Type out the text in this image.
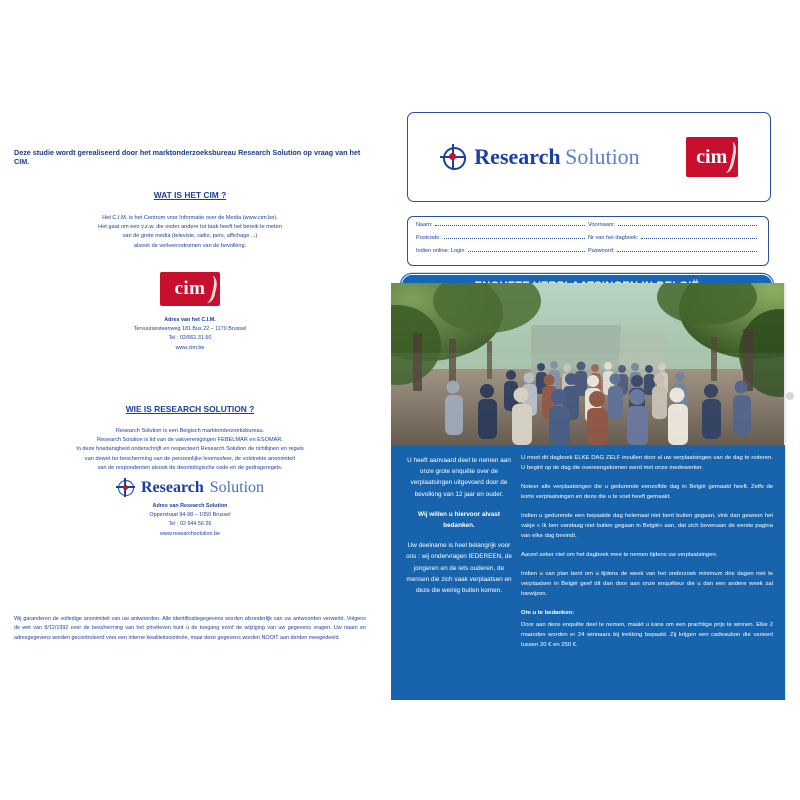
Deze studie wordt gerealiseerd door het marktonderzoeksbureau Research Solution op vraag van het CIM.
WAT IS HET CIM ?
Het C.I.M. is het Centrum voor Informatie over de Media (www.cim.be).
Het gaat om een v.z.w. die onder andere tot taak heeft het bereik te meten
van de grote media (televisie, radio, pers, affichage ...)
alsook de verkeersstromen van de bevolking.
cim
Adres van het C.I.M.
Tervuursesteenweg 181 Bus 22 – 1170 Brussel
Tel : 02/661.31.50
www.cim.be
WIE IS RESEARCH SOLUTION ?
Research Solution is een Belgisch marktonderzoeksbureau.
Research Solution is lid van de vakverenigingen FEBELMAR en ESOMAR.
In deze hoedanigheid onderschrijft en respecteert Research Solution de richtlijnen en regels
van dewet ter bescherming van de persoonlijke levenssfeer, de volstrekte anonimiteit
van de respondenten alsook de deontologische code en de gedragsregels.
Research Solution
Adres van Research Solution
Opperstraat 94-98 – 1050 Brussel
Tel : 02 644 56 26
www.researchsolution.be
Wij garanderen de volledige anonimiteit van uw antwoorden. Alle identificatiegegevens worden afzonderlijk van uw antwoorden verwerkt. Volgens de wet van 8/12/1992 over de bescherming van het privéleven kunt u de toegang en/of de wijziging van uw gegevens vragen. Uw naam en adresgegevens worden gecontroleerd voor een interne kwaliteitscontrole, maar deze gegevens worden NOOIT aan derden meegedeeld.
Research Solution	cim
Naam:	Voornaam:
Postcode:	Nr van het dagboek:
Indien online: Login	Paswoord:

U heeft aanvaard deel te nemen aan onze grote enquête over de verplaatsingen uitgevoerd door de bevolking van 12 jaar en ouder.

Wij willen u hiervoor alvast bedanken.

Uw deelname is heel belangrijk voor ons : wij ondervragen IEDEREEN, de jongeren en de iets ouderen, de mensen die zich vaak verplaatsen en deze die weinig buiten komen.

U moet dit dagboek ELKE DAG ZELF invullen door al uw verplaatsingen van de dag te noteren. U begint op de dag die overeengekomen werd met onze medewerker.

Noteer alle verplaatsingen die u gedurende eenzelfde dag in België gemaakt heeft. Zelfs de korte verplaatsingen en deze die u te voet heeft gemaakt.

Indien u gedurende een bepaalde dag helemaal niet bent buiten gegaan, vink dan gewoon het vakje « Ik ben vandaag niet buiten gegaan in België» aan, dat zich bovenaan de eerste pagina van elke dag bevindt.

Aarzel zeker niet om het dagboek mee te nemen tijdens uw verplaatsingen.

Indien u van plan bent om u tijdens de week van het onderzoek minimum drie dagen niet te verplaatsen in België geef dit dan door aan onze enquêteur die u dan een andere week zal toewijzen.

Om u te bedanken:

Door aan deze enquête deel te nemen, maakt u kans om een prachtige prijs te winnen. Elke 2 maanden worden er 24 winnaars bij trekking bepaald. Zij krijgen een cadeaubon die varieert tussen 20 € en 250 €.
